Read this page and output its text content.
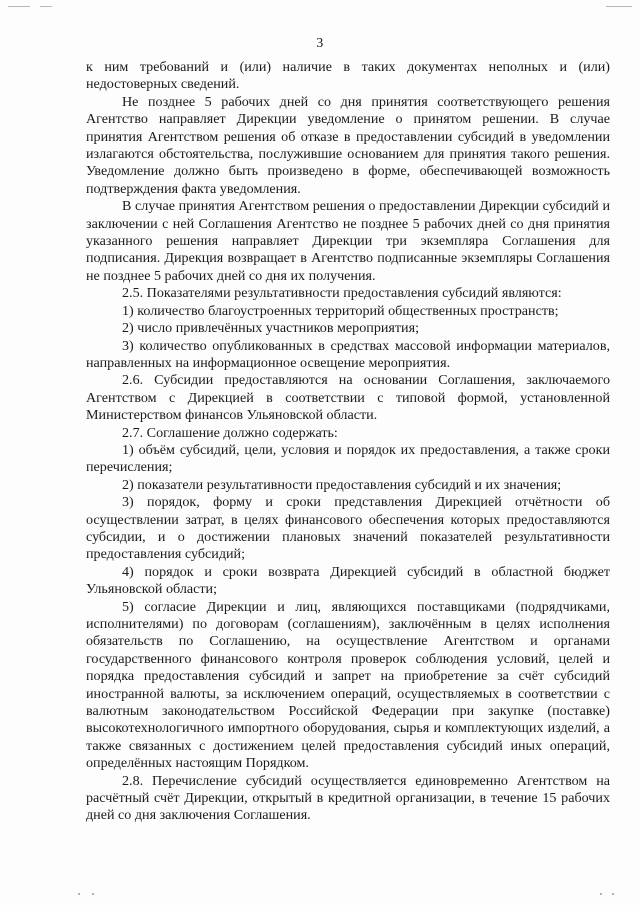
3

к ним требований и (или) наличие в таких документах неполных и (или) недостоверных сведений.

Не позднее 5 рабочих дней со дня принятия соответствующего решения Агентство направляет Дирекции уведомление о принятом решении. В случае принятия Агентством решения об отказе в предоставлении субсидий в уведомлении излагаются обстоятельства, послужившие основанием для принятия такого решения. Уведомление должно быть произведено в форме, обеспечивающей возможность подтверждения факта уведомления.

В случае принятия Агентством решения о предоставлении Дирекции субсидий и заключении с ней Соглашения Агентство не позднее 5 рабочих дней со дня принятия указанного решения направляет Дирекции три экземпляра Соглашения для подписания. Дирекция возвращает в Агентство подписанные экземпляры Соглашения не позднее 5 рабочих дней со дня их получения.

2.5. Показателями результативности предоставления субсидий являются:

1) количество благоустроенных территорий общественных пространств;

2) число привлечённых участников мероприятия;

3) количество опубликованных в средствах массовой информации материалов, направленных на информационное освещение мероприятия.

2.6. Субсидии предоставляются на основании Соглашения, заключаемого Агентством с Дирекцией в соответствии с типовой формой, установленной Министерством финансов Ульяновской области.

2.7. Соглашение должно содержать:

1) объём субсидий, цели, условия и порядок их предоставления, а также сроки перечисления;

2) показатели результативности предоставления субсидий и их значения;

3) порядок, форму и сроки представления Дирекцией отчётности об осуществлении затрат, в целях финансового обеспечения которых предоставляются субсидии, и о достижении плановых значений показателей результативности предоставления субсидий;

4) порядок и сроки возврата Дирекцией субсидий в областной бюджет Ульяновской области;

5) согласие Дирекции и лиц, являющихся поставщиками (подрядчиками, исполнителями) по договорам (соглашениям), заключённым в целях исполнения обязательств по Соглашению, на осуществление Агентством и органами государственного финансового контроля проверок соблюдения условий, целей и порядка предоставления субсидий и запрет на приобретение за счёт субсидий иностранной валюты, за исключением операций, осуществляемых в соответствии с валютным законодательством Российской Федерации при закупке (поставке) высокотехнологичного импортного оборудования, сырья и комплектующих изделий, а также связанных с достижением целей предоставления субсидий иных операций, определённых настоящим Порядком.

2.8. Перечисление субсидий осуществляется единовременно Агентством на расчётный счёт Дирекции, открытый в кредитной организации, в течение 15 рабочих дней со дня заключения Соглашения.
